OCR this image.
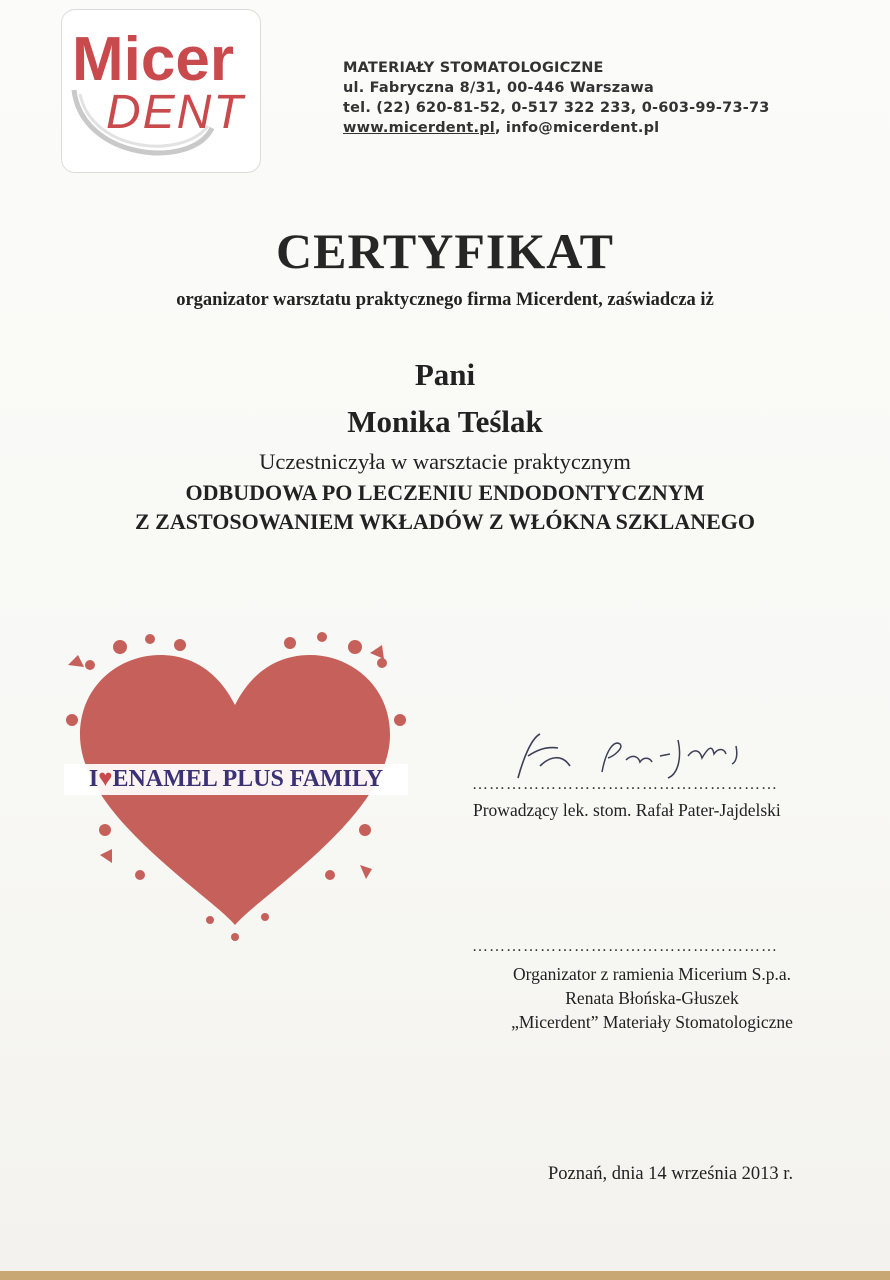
Micer
DENT
MATERIAŁY STOMATOLOGICZNE
ul. Fabryczna 8/31, 00-446 Warszawa
tel. (22) 620-81-52, 0-517 322 233, 0-603-99-73-73
www.micerdent.pl, info@micerdent.pl
CERTYFIKAT
organizator warsztatu praktycznego firma Micerdent, zaświadcza iż
Pani
Monika Teślak
Uczestniczyła w warsztacie praktycznym
ODBUDOWA PO LECZENIU ENDODONTYCZNYM
Z ZASTOSOWANIEM WKŁADÓW Z WŁÓKNA SZKLANEGO
I♥ENAMEL PLUS FAMILY	………………………………………………
Prowadzący lek. stom. Rafał Pater-Jajdelski
………………………………………………
Organizator z ramienia Micerium S.p.a.
Renata Błońska-Głuszek
„Micerdent” Materiały Stomatologiczne
Poznań, dnia 14 września 2013 r.
